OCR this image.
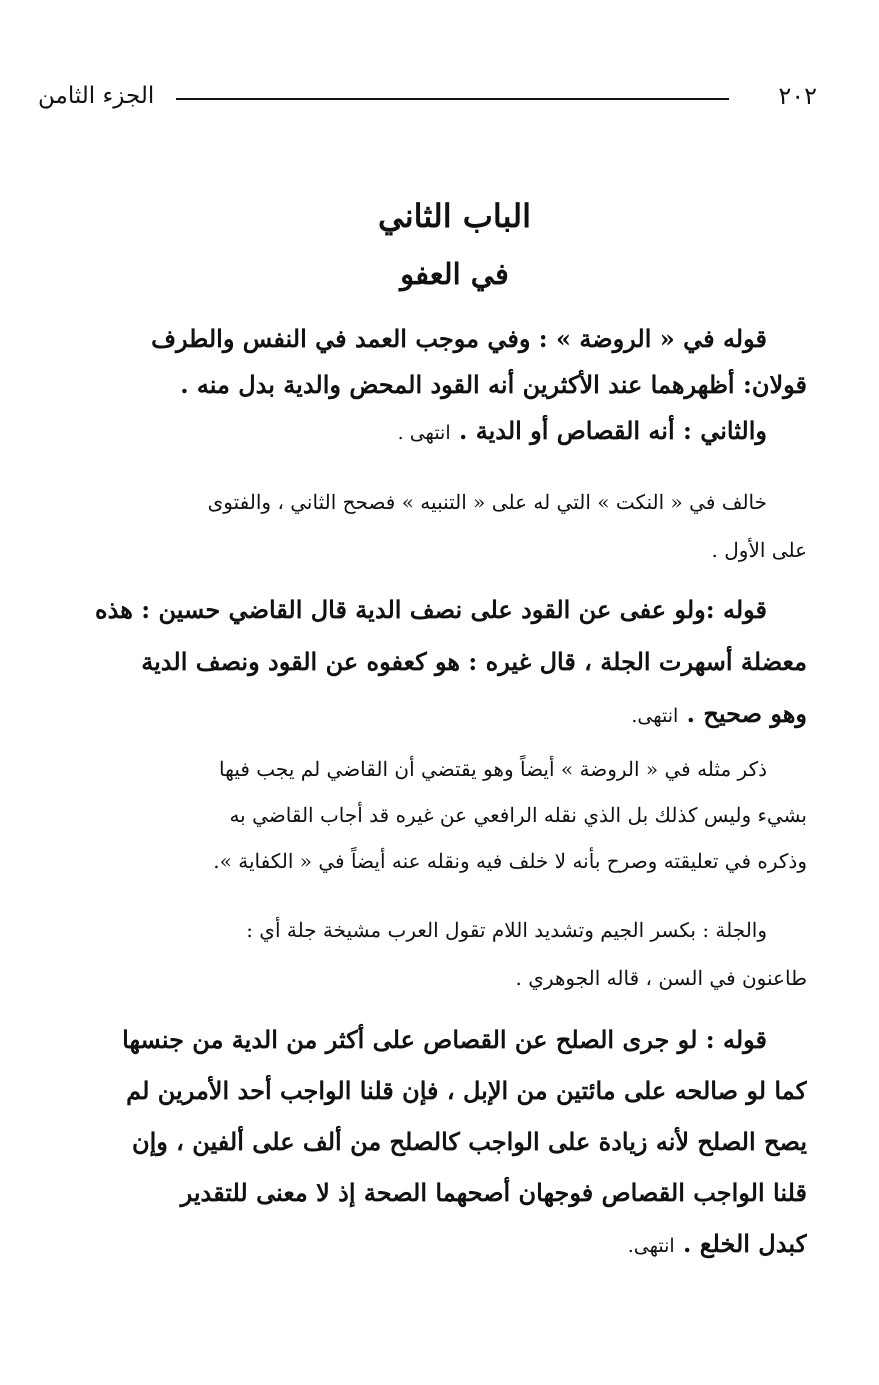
الجزء الثامن	٢٠٢
الباب الثاني
في العفو
قوله في « الروضة » : وفي موجب العمد في النفس والطرف
قولان: أظهرهما عند الأكثرين أنه القود المحض والدية بدل منه .
والثاني : أنه القصاص أو الدية . انتهى .
خالف في « النكت » التي له على « التنبيه » فصحح الثاني ، والفتوى
على الأول .
قوله :ولو عفى عن القود على نصف الدية قال القاضي حسين : هذه
معضلة أسهرت الجلة ، قال غيره : هو كعفوه عن القود ونصف الدية
وهو صحيح . انتهى.
ذكر مثله في « الروضة » أيضاً وهو يقتضي أن القاضي لم يجب فيها
بشيء وليس كذلك بل الذي نقله الرافعي عن غيره قد أجاب القاضي به
وذكره في تعليقته وصرح بأنه لا خلف فيه ونقله عنه أيضاً في « الكفاية ».
والجلة : بكسر الجيم وتشديد اللام تقول العرب مشيخة جلة أي :
طاعنون في السن ، قاله الجوهري .
قوله : لو جرى الصلح عن القصاص على أكثر من الدية من جنسها
كما لو صالحه على مائتين من الإبل ، فإن قلنا الواجب أحد الأمرين لم
يصح الصلح لأنه زيادة على الواجب كالصلح من ألف على ألفين ، وإن
قلنا الواجب القصاص فوجهان أصحهما الصحة إذ لا معنى للتقدير
كبدل الخلع . انتهى.
